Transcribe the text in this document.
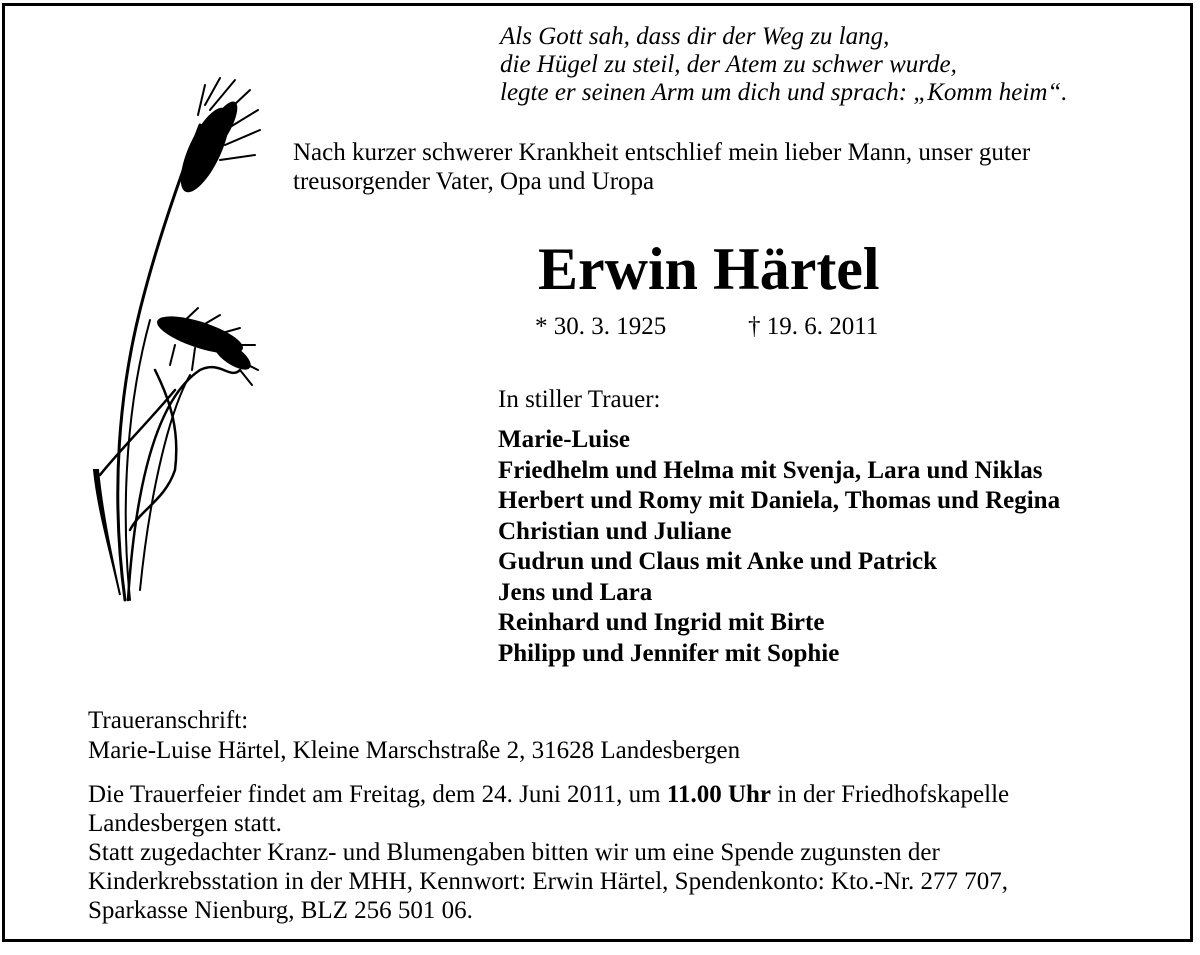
Als Gott sah, dass dir der Weg zu lang,
die Hügel zu steil, der Atem zu schwer wurde,
legte er seinen Arm um dich und sprach: „Komm heim“.
Nach kurzer schwerer Krankheit entschlief mein lieber Mann, unser guter
treusorgender Vater, Opa und Uropa
Erwin Härtel
* 30. 3. 1925	† 19. 6. 2011
In stiller Trauer:
Marie-Luise
Friedhelm und Helma mit Svenja, Lara und Niklas
Herbert und Romy mit Daniela, Thomas und Regina
Christian und Juliane
Gudrun und Claus mit Anke und Patrick
Jens und Lara
Reinhard und Ingrid mit Birte
Philipp und Jennifer mit Sophie
Traueranschrift:
Marie-Luise Härtel, Kleine Marschstraße 2, 31628 Landesbergen
Die Trauerfeier findet am Freitag, dem 24. Juni 2011, um 11.00 Uhr in der Friedhofskapelle
Landesbergen statt.
Statt zugedachter Kranz- und Blumengaben bitten wir um eine Spende zugunsten der
Kinderkrebsstation in der MHH, Kennwort: Erwin Härtel, Spendenkonto: Kto.-Nr. 277 707,
Sparkasse Nienburg, BLZ 256 501 06.
